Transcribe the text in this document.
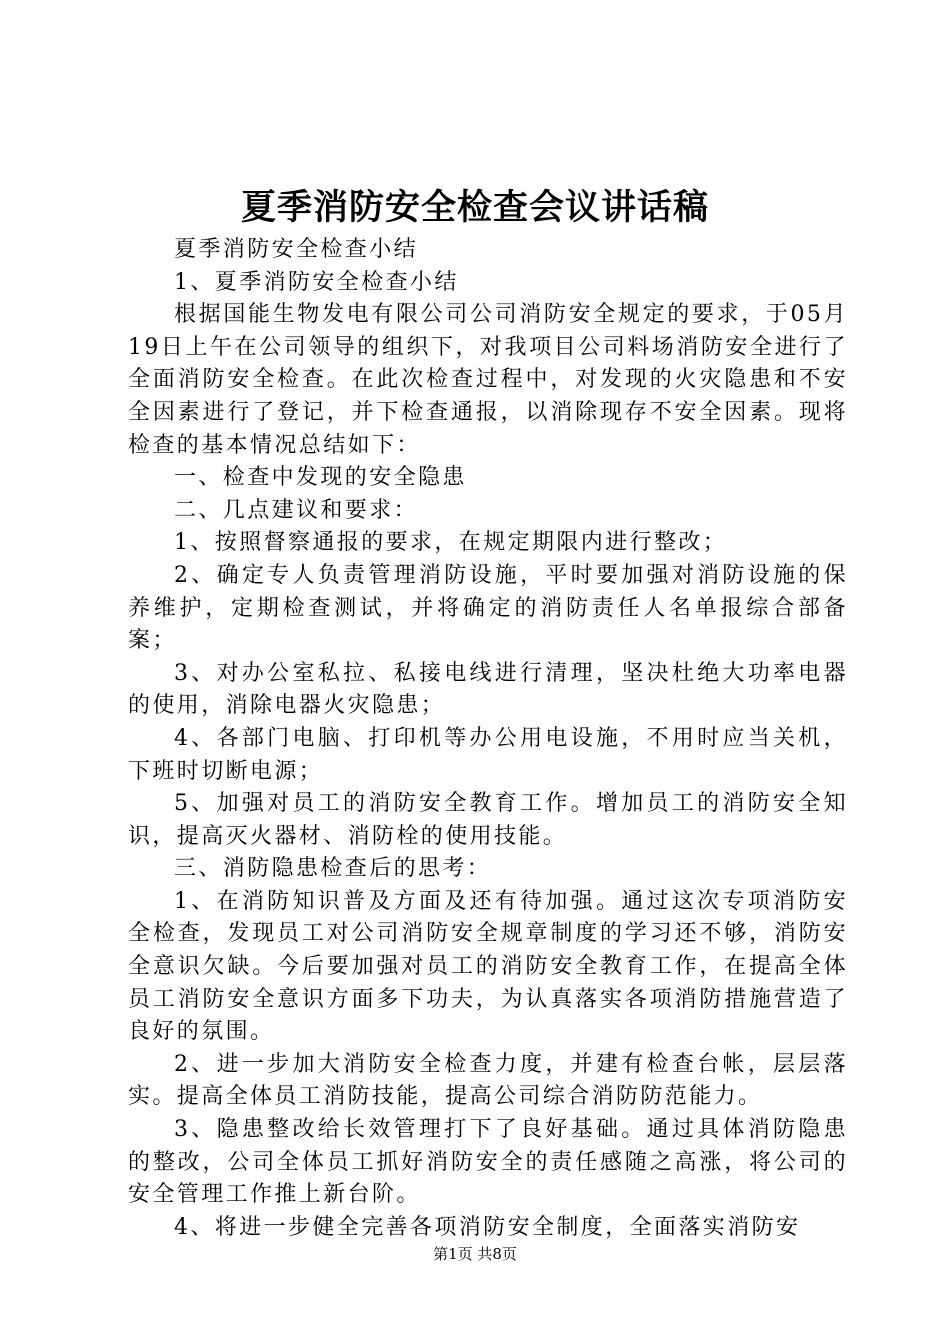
夏季消防安全检查会议讲话稿

夏季消防安全检查小结

1、夏季消防安全检查小结

根据国能生物发电有限公司公司消防安全规定的要求，于05月19日上午在公司领导的组织下，对我项目公司料场消防安全进行了全面消防安全检查。在此次检查过程中，对发现的火灾隐患和不安全因素进行了登记，并下检查通报，以消除现存不安全因素。现将检查的基本情况总结如下：

一、检查中发现的安全隐患

二、几点建议和要求：

1、按照督察通报的要求，在规定期限内进行整改；

2、确定专人负责管理消防设施，平时要加强对消防设施的保养维护，定期检查测试，并将确定的消防责任人名单报综合部备案；

3、对办公室私拉、私接电线进行清理，坚决杜绝大功率电器的使用，消除电器火灾隐患；

4、各部门电脑、打印机等办公用电设施，不用时应当关机，下班时切断电源；

5、加强对员工的消防安全教育工作。增加员工的消防安全知识，提高灭火器材、消防栓的使用技能。

三、消防隐患检查后的思考：

1、在消防知识普及方面及还有待加强。通过这次专项消防安全检查，发现员工对公司消防安全规章制度的学习还不够，消防安全意识欠缺。今后要加强对员工的消防安全教育工作，在提高全体员工消防安全意识方面多下功夫，为认真落实各项消防措施营造了良好的氛围。

2、进一步加大消防安全检查力度，并建有检查台帐，层层落实。提高全体员工消防技能，提高公司综合消防防范能力。

3、隐患整改给长效管理打下了良好基础。通过具体消防隐患的整改，公司全体员工抓好消防安全的责任感随之高涨，将公司的安全管理工作推上新台阶。

4、将进一步健全完善各项消防安全制度，全面落实消防安

第1页 共8页
